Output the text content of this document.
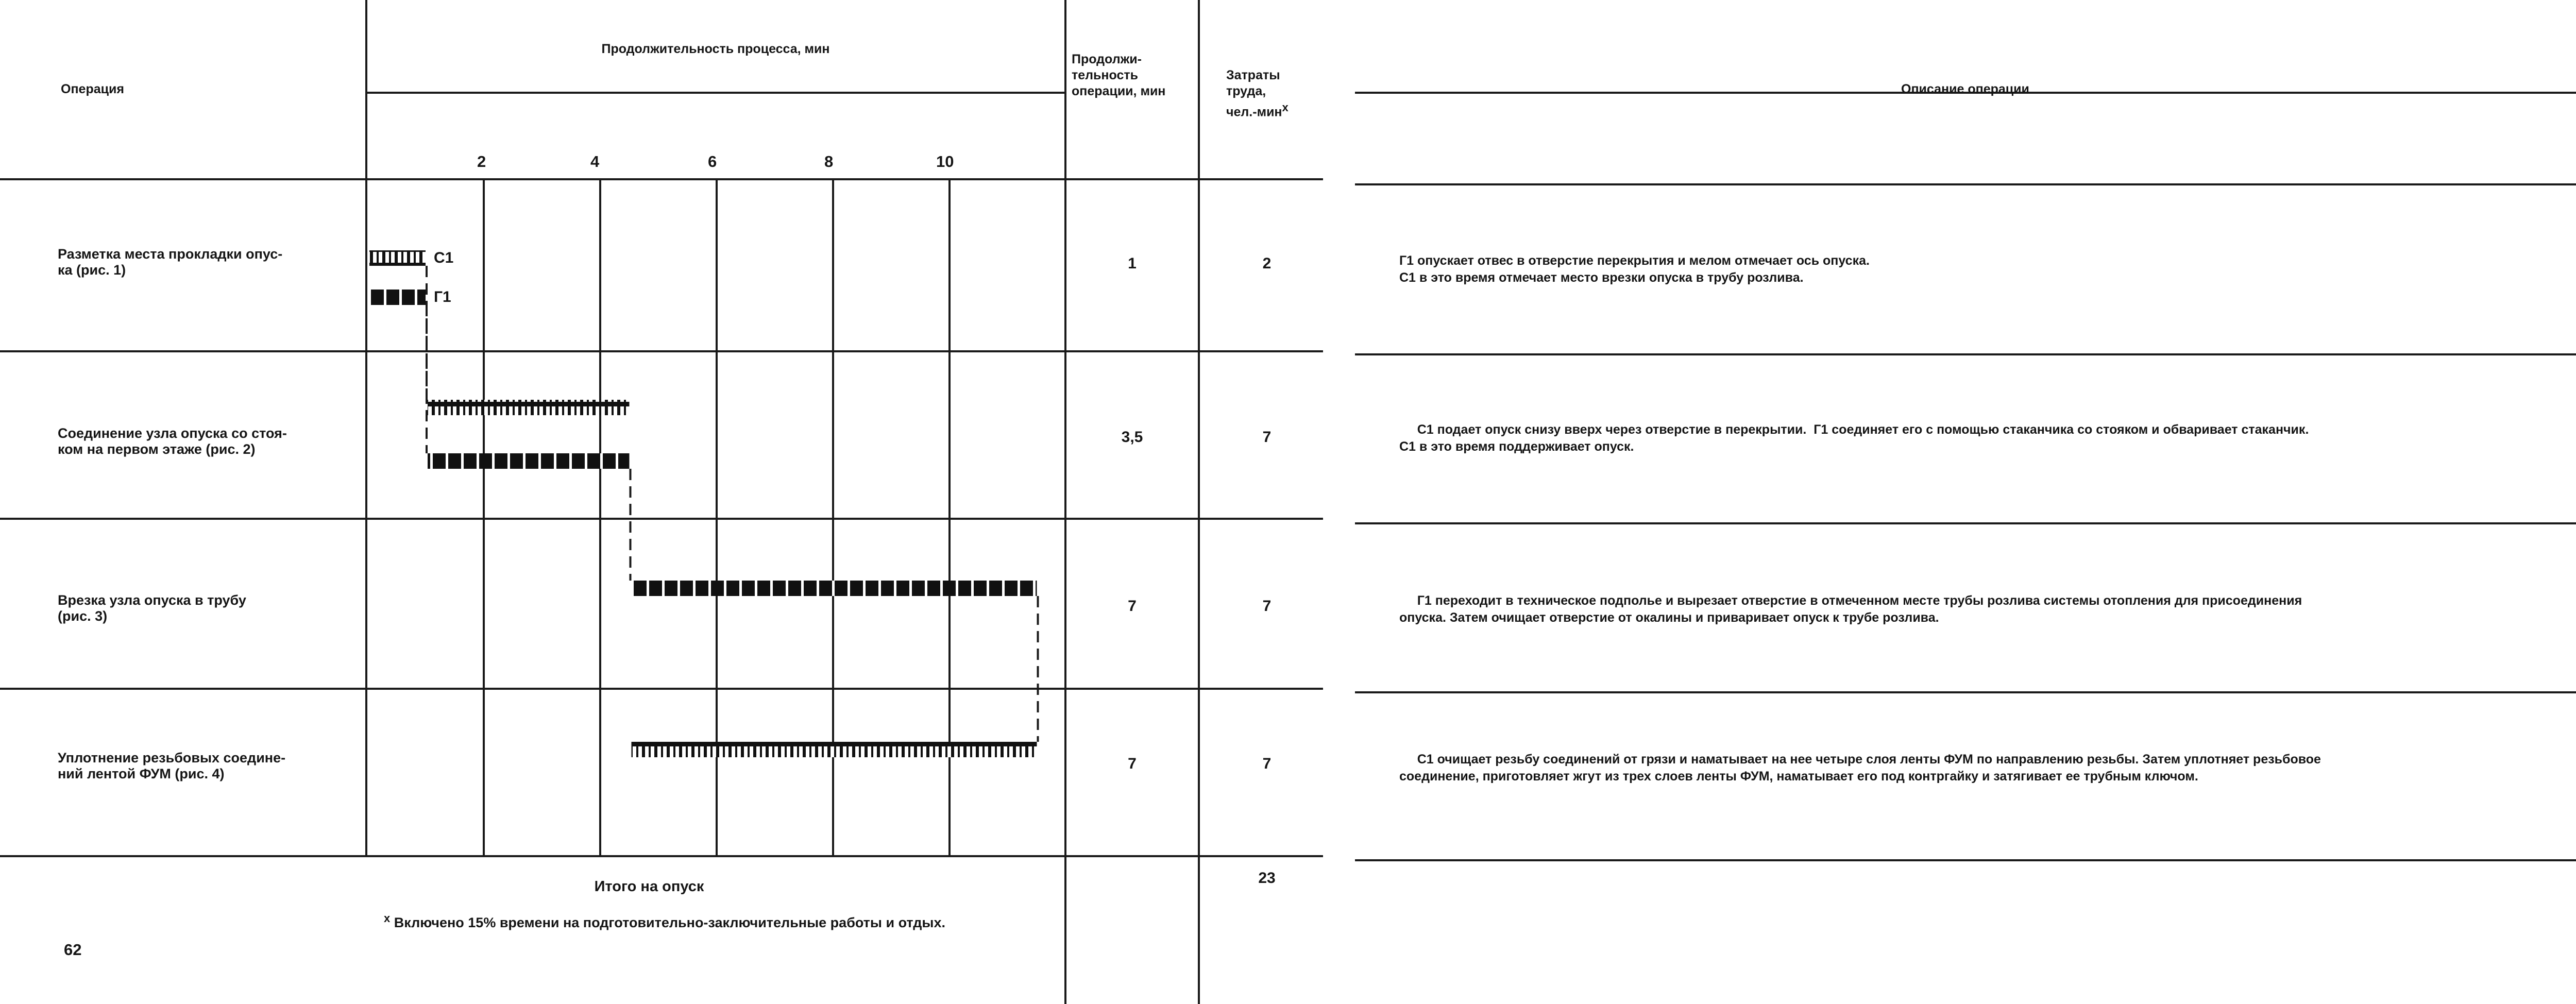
Операция
Продолжительность процесса, мин
Продолжи-
тельность
операции, мин

Затраты
труда,
чел.-мин$^х$

Описание операции
2	4	6	8	10
С1
Г1
Разметка места прокладки опус-
ка (рис. 1)	1	2	Г1 опускает отвес в отверстие перекрытия и мелом отмечает ось опуска.
С1 в это время отмечает место врезки опуска в трубу розлива.
Соединение узла опуска со стоя-
ком на первом этаже (рис. 2)
3,5	7	С1 подает опуск снизу вверх через отверстие в перекрытии.  Г1 соединяет его с помощью стаканчика со стояком и обваривает стаканчик.
С1 в это время поддерживает опуск.
Врезка узла опуска в трубу
(рис. 3)
7	7	Г1 переходит в техническое подполье и вырезает отверстие в отмеченном месте трубы розлива системы отопления для присоединения
опуска. Затем очищает отверстие от окалины и приваривает опуск к трубе розлива.
Уплотнение резьбовых соедине-
ний лентой ФУМ (рис. 4)
7	7	С1 очищает резьбу соединений от грязи и наматывает на нее четыре слоя ленты ФУМ по направлению резьбы. Затем уплотняет резьбовое
соединение, приготовляет жгут из трех слоев ленты ФУМ, наматывает его под контргайку и затягивает ее трубным ключом.
Итого на опуск	23
$^х$ Включено 15% времени на подготовительно-заключительные работы и отдых.
62
